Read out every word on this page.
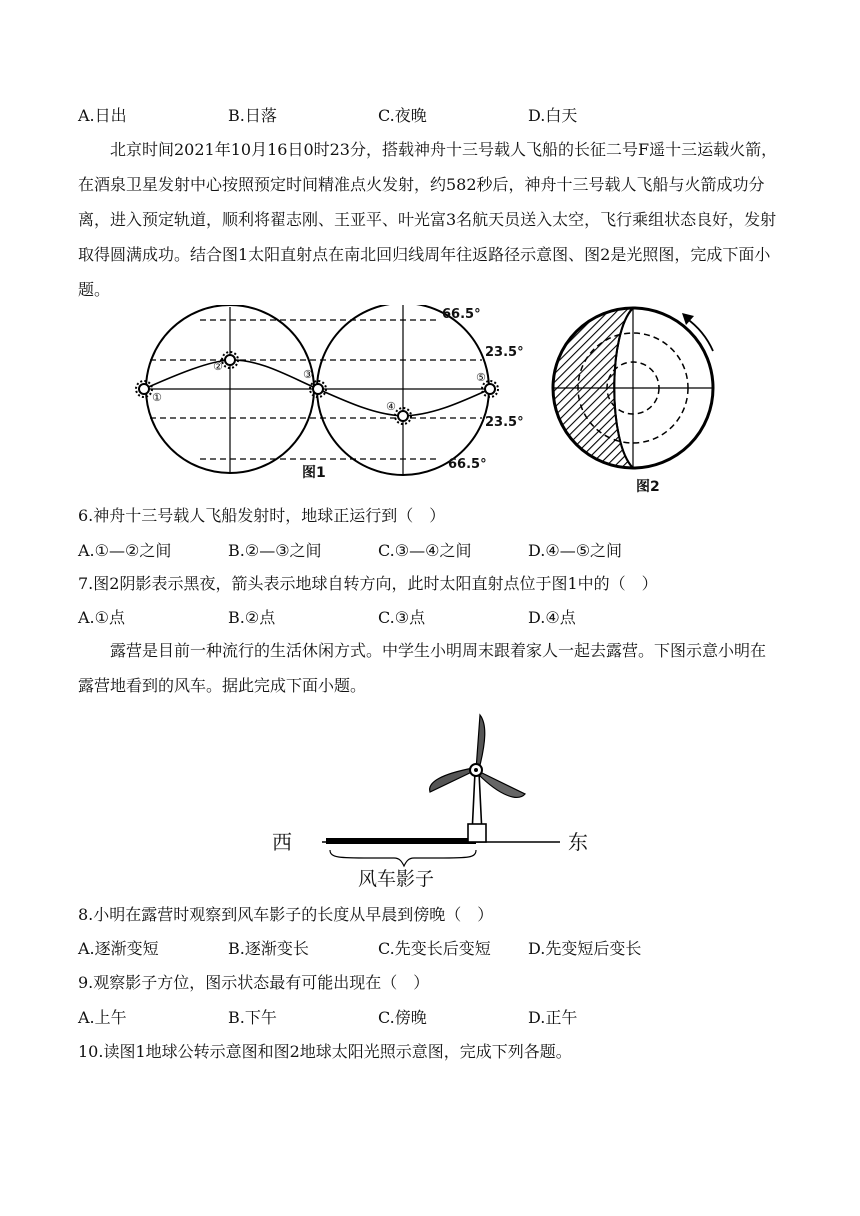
A.日出	B.日落	C.夜晚	D.白天
北京时间2021年10月16日0时23分，搭载神舟十三号载人飞船的长征二号F遥十三运载火箭，在酒泉卫星发射中心按照预定时间精准点火发射，约582秒后，神舟十三号载人飞船与火箭成功分离，进入预定轨道，顺利将翟志刚、王亚平、叶光富3名航天员送入太空，飞行乘组状态良好，发射取得圆满成功。结合图1太阳直射点在南北回归线周年往返路径示意图、图2是光照图，完成下面小题。
①
②
③
④
⑤
66.5°
23.5°
23.5°
66.5°
图1
图2
6.神舟十三号载人飞船发射时，地球正运行到（　）
A.①—②之间	B.②—③之间	C.③—④之间	D.④—⑤之间
7.图2阴影表示黑夜，箭头表示地球自转方向，此时太阳直射点位于图1中的（　）
A.①点	B.②点	C.③点	D.④点
露营是目前一种流行的生活休闲方式。中学生小明周末跟着家人一起去露营。下图示意小明在露营地看到的风车。据此完成下面小题。
西	东
风车影子
8.小明在露营时观察到风车影子的长度从早晨到傍晚（　）
A.逐渐变短	B.逐渐变长	C.先变长后变短 D.先变短后变长
9.观察影子方位，图示状态最有可能出现在（　）
A.上午	B.下午	C.傍晚	D.正午
10.读图1地球公转示意图和图2地球太阳光照示意图，完成下列各题。
